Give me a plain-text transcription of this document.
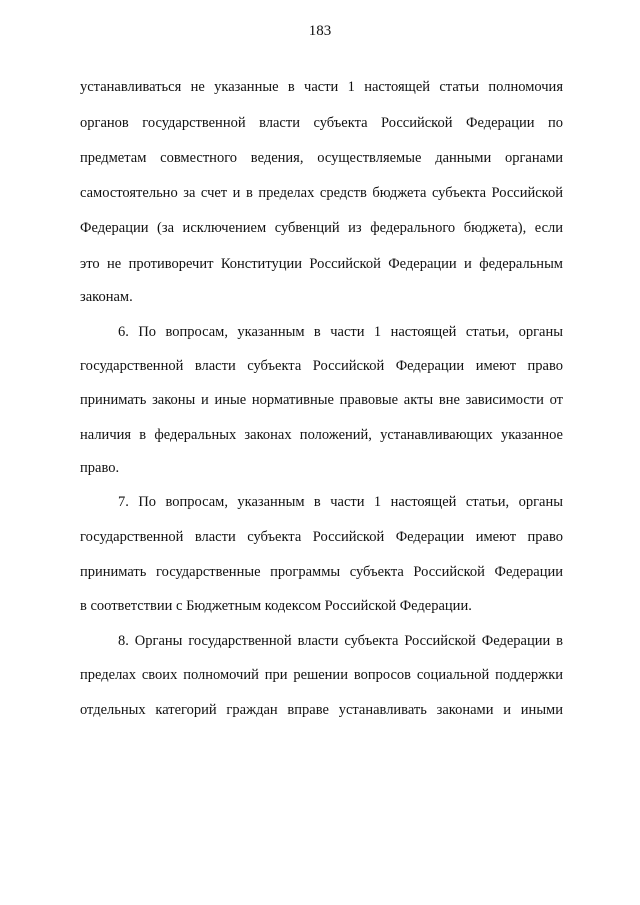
183
устанавливаться не указанные в части 1 настоящей статьи полномочия
органов государственной власти субъекта Российской Федерации по
предметам совместного ведения, осуществляемые данными органами
самостоятельно за счет и в пределах средств бюджета субъекта Российской
Федерации (за исключением субвенций из федерального бюджета), если
это не противоречит Конституции Российской Федерации и федеральным
законам.
6. По вопросам, указанным в части 1 настоящей статьи, органы
государственной власти субъекта Российской Федерации имеют право
принимать законы и иные нормативные правовые акты вне зависимости от
наличия в федеральных законах положений, устанавливающих указанное
право.
7. По вопросам, указанным в части 1 настоящей статьи, органы
государственной власти субъекта Российской Федерации имеют право
принимать государственные программы субъекта Российской Федерации
в соответствии с Бюджетным кодексом Российской Федерации.
8. Органы государственной власти субъекта Российской Федерации в
пределах своих полномочий при решении вопросов социальной поддержки
отдельных категорий граждан вправе устанавливать законами и иными
